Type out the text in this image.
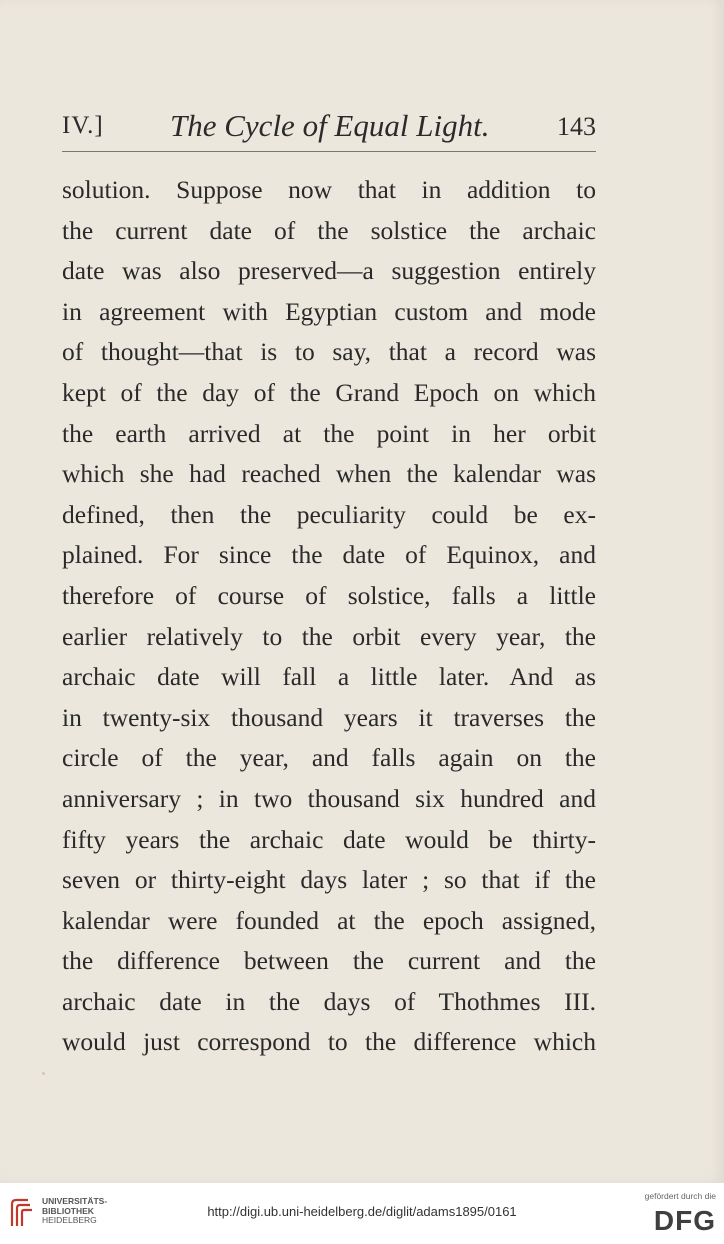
IV.] The Cycle of Equal Light.	143
solution. Suppose now that in addition to
the current date of the solstice the archaic
date was also preserved—a suggestion entirely
in agreement with Egyptian custom and mode
of thought—that is to say, that a record was
kept of the day of the Grand Epoch on which
the earth arrived at the point in her orbit
which she had reached when the kalendar was
defined, then the peculiarity could be ex-
plained. For since the date of Equinox, and
therefore of course of solstice, falls a little
earlier relatively to the orbit every year, the
archaic date will fall a little later. And as
in twenty-six thousand years it traverses the
circle of the year, and falls again on the
anniversary ; in two thousand six hundred and
fifty years the archaic date would be thirty-
seven or thirty-eight days later ; so that if the
kalendar were founded at the epoch assigned,
the difference between the current and the
archaic date in the days of Thothmes III.
would just correspond to the difference which
UNIVERSITÄTS-
BIBLIOTHEK
HEIDELBERG
http://digi.ub.uni-heidelberg.de/diglit/adams1895/0161
gefördert durch die
DFG
